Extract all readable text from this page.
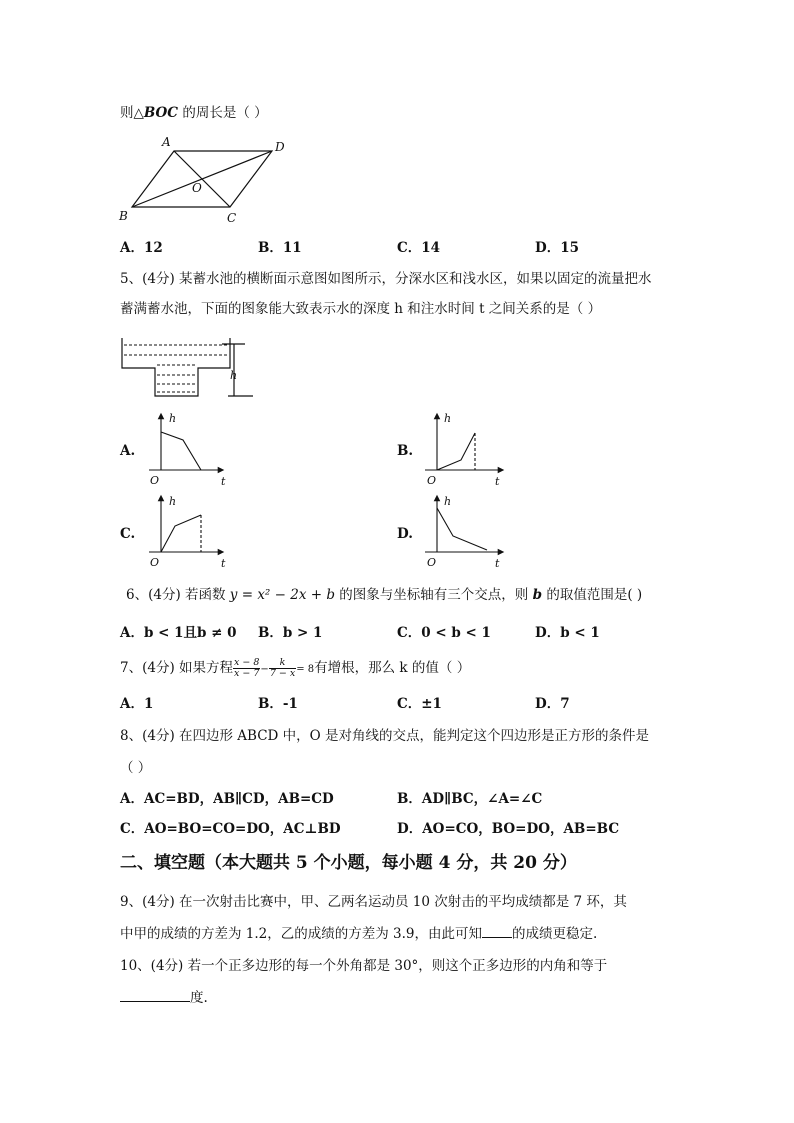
则△BOC 的周长是（ ）
A	D
B	C
O
A．12	B．11	C．14	D．15
5、(4分) 某蓄水池的横断面示意图如图所示，分深水区和浅水区，如果以固定的流量把水
蓄满蓄水池，下面的图象能大致表示水的深度 h 和注水时间 t 之间关系的是（ ）
h
A.
h
O	t
B.
h
O	t
C.
h
O	t
D.
h
O	t
6、(4分) 若函数 y = x² − 2x + b 的图象与坐标轴有三个交点，则 b 的取值范围是( )
A．b < 1且b ≠ 0 B．b > 1	C．0 < b < 1	D．b < 1
7、(4分) 如果方程 $\frac{x - 8}{x - 7} - \frac{k}{7 - x} = 8$有增根，那么 k 的值（ ）
A．1	B．-1	C．±1	D．7
8、(4分) 在四边形 ABCD 中，O 是对角线的交点，能判定这个四边形是正方形的条件是
（ ）
A．AC=BD，AB∥CD，AB=CD	B．AD∥BC，∠A=∠C
C．AO=BO=CO=DO，AC⊥BD	D．AO=CO，BO=DO，AB=BC
二、填空题（本大题共 5 个小题，每小题 4 分，共 20 分）
9、(4分) 在一次射击比赛中，甲、乙两名运动员 10 次射击的平均成绩都是 7 环，其
中甲的成绩的方差为 1.2，乙的成绩的方差为 3.9，由此可知 的成绩更稳定.
10、(4分) 若一个正多边形的每一个外角都是 30°，则这个正多边形的内角和等于
度.
